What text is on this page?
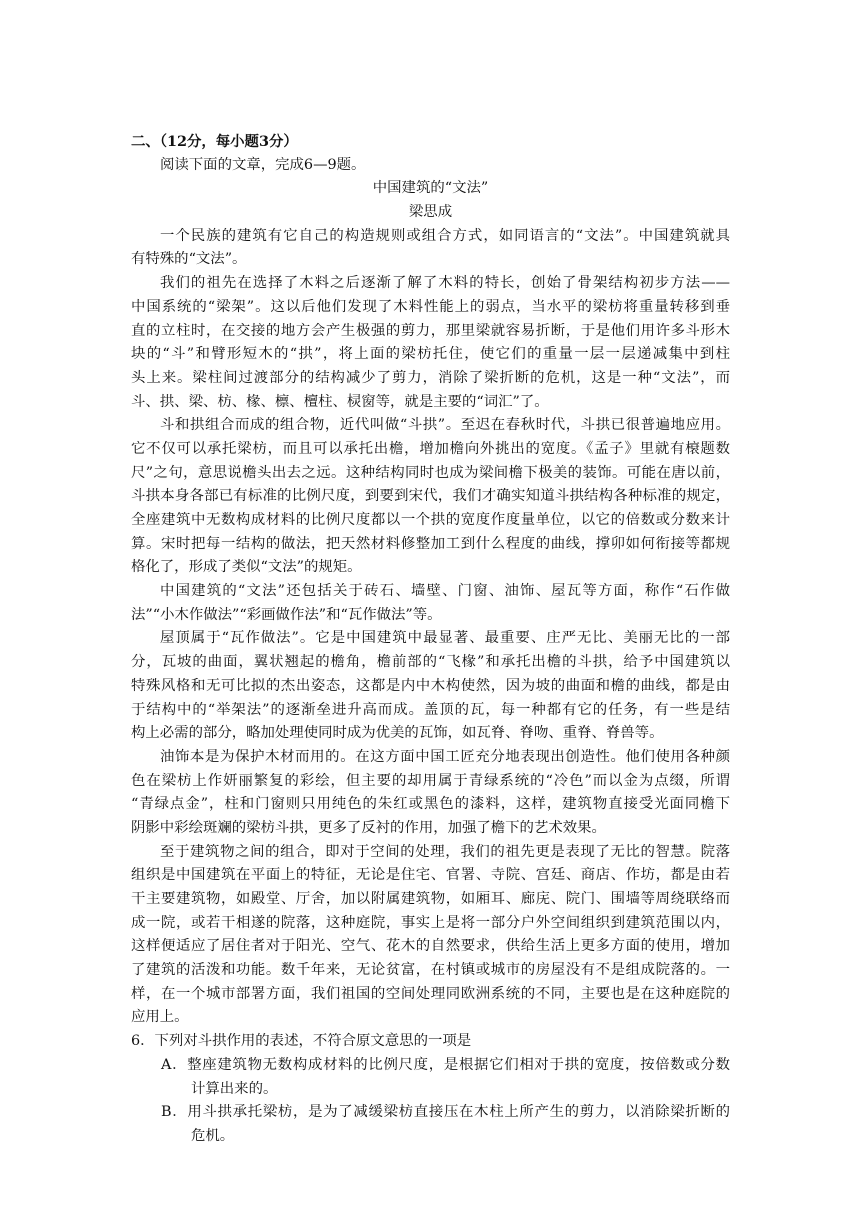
二、（12分，每小题3分）
阅读下面的文章，完成6—9题。
中国建筑的“文法”
梁思成
一个民族的建筑有它自己的构造规则或组合方式，如同语言的“文法”。中国建筑就具
有特殊的“文法”。
我们的祖先在选择了木料之后逐渐了解了木料的特长，创始了骨架结构初步方法——
中国系统的“梁架”。这以后他们发现了木料性能上的弱点，当水平的梁枋将重量转移到垂
直的立柱时，在交接的地方会产生极强的剪力，那里梁就容易折断，于是他们用许多斗形木
块的“斗”和臂形短木的“拱”，将上面的梁枋托住，使它们的重量一层一层递减集中到柱
头上来。梁柱间过渡部分的结构减少了剪力，消除了梁折断的危机，这是一种“文法”，而
斗、拱、梁、枋、椽、檩、檀柱、棂窗等，就是主要的“词汇”了。
斗和拱组合而成的组合物，近代叫做“斗拱”。至迟在春秋时代，斗拱已很普遍地应用。
它不仅可以承托梁枋，而且可以承托出檐，增加檐向外挑出的宽度。《孟子》里就有榱题数
尺”之句，意思说檐头出去之远。这种结构同时也成为梁间檐下极美的装饰。可能在唐以前，
斗拱本身各部已有标准的比例尺度，到要到宋代，我们才确实知道斗拱结构各种标准的规定，
全座建筑中无数构成材料的比例尺度都以一个拱的宽度作度量单位，以它的倍数或分数来计
算。宋时把每一结构的做法，把天然材料修整加工到什么程度的曲线，撑卯如何衔接等都规
格化了，形成了类似“文法”的规矩。
中国建筑的“文法”还包括关于砖石、墙壁、门窗、油饰、屋瓦等方面，称作“石作做
法”“小木作做法”“彩画做作法”和“瓦作做法”等。
屋顶属于“瓦作做法”。它是中国建筑中最显著、最重要、庄严无比、美丽无比的一部
分，瓦坡的曲面，翼状翘起的檐角，檐前部的“飞椽”和承托出檐的斗拱，给予中国建筑以
特殊风格和无可比拟的杰出姿态，这都是内中木构使然，因为坡的曲面和檐的曲线，都是由
于结构中的“举架法”的逐渐垒进升高而成。盖顶的瓦，每一种都有它的任务，有一些是结
构上必需的部分，略加处理使同时成为优美的瓦饰，如瓦脊、脊吻、重脊、脊兽等。
油饰本是为保护木材而用的。在这方面中国工匠充分地表现出创造性。他们使用各种颜
色在梁枋上作妍丽繁复的彩绘，但主要的却用属于青绿系统的“冷色”而以金为点缀，所谓
“青绿点金”，柱和门窗则只用纯色的朱红或黑色的漆料，这样，建筑物直接受光面同檐下
阴影中彩绘斑斓的梁枋斗拱，更多了反衬的作用，加强了檐下的艺术效果。
至于建筑物之间的组合，即对于空间的处理，我们的祖先更是表现了无比的智慧。院落
组织是中国建筑在平面上的特征，无论是住宅、官署、寺院、宫廷、商店、作坊，都是由若
干主要建筑物，如殿堂、厅舍，加以附属建筑物，如厢耳、廊庑、院门、围墙等周绕联络而
成一院，或若干相遂的院落，这种庭院，事实上是将一部分户外空间组织到建筑范围以内，
这样便适应了居住者对于阳光、空气、花木的自然要求，供给生活上更多方面的使用，增加
了建筑的活泼和功能。数千年来，无论贫富，在村镇或城市的房屋没有不是组成院落的。一
样，在一个城市部署方面，我们祖国的空间处理同欧洲系统的不同，主要也是在这种庭院的
应用上。
6．下列对斗拱作用的表述，不符合原文意思的一项是
A．整座建筑物无数构成材料的比例尺度，是根据它们相对于拱的宽度，按倍数或分数
计算出来的。
B．用斗拱承托梁枋，是为了减缓梁枋直接压在木柱上所产生的剪力，以消除梁折断的
危机。
